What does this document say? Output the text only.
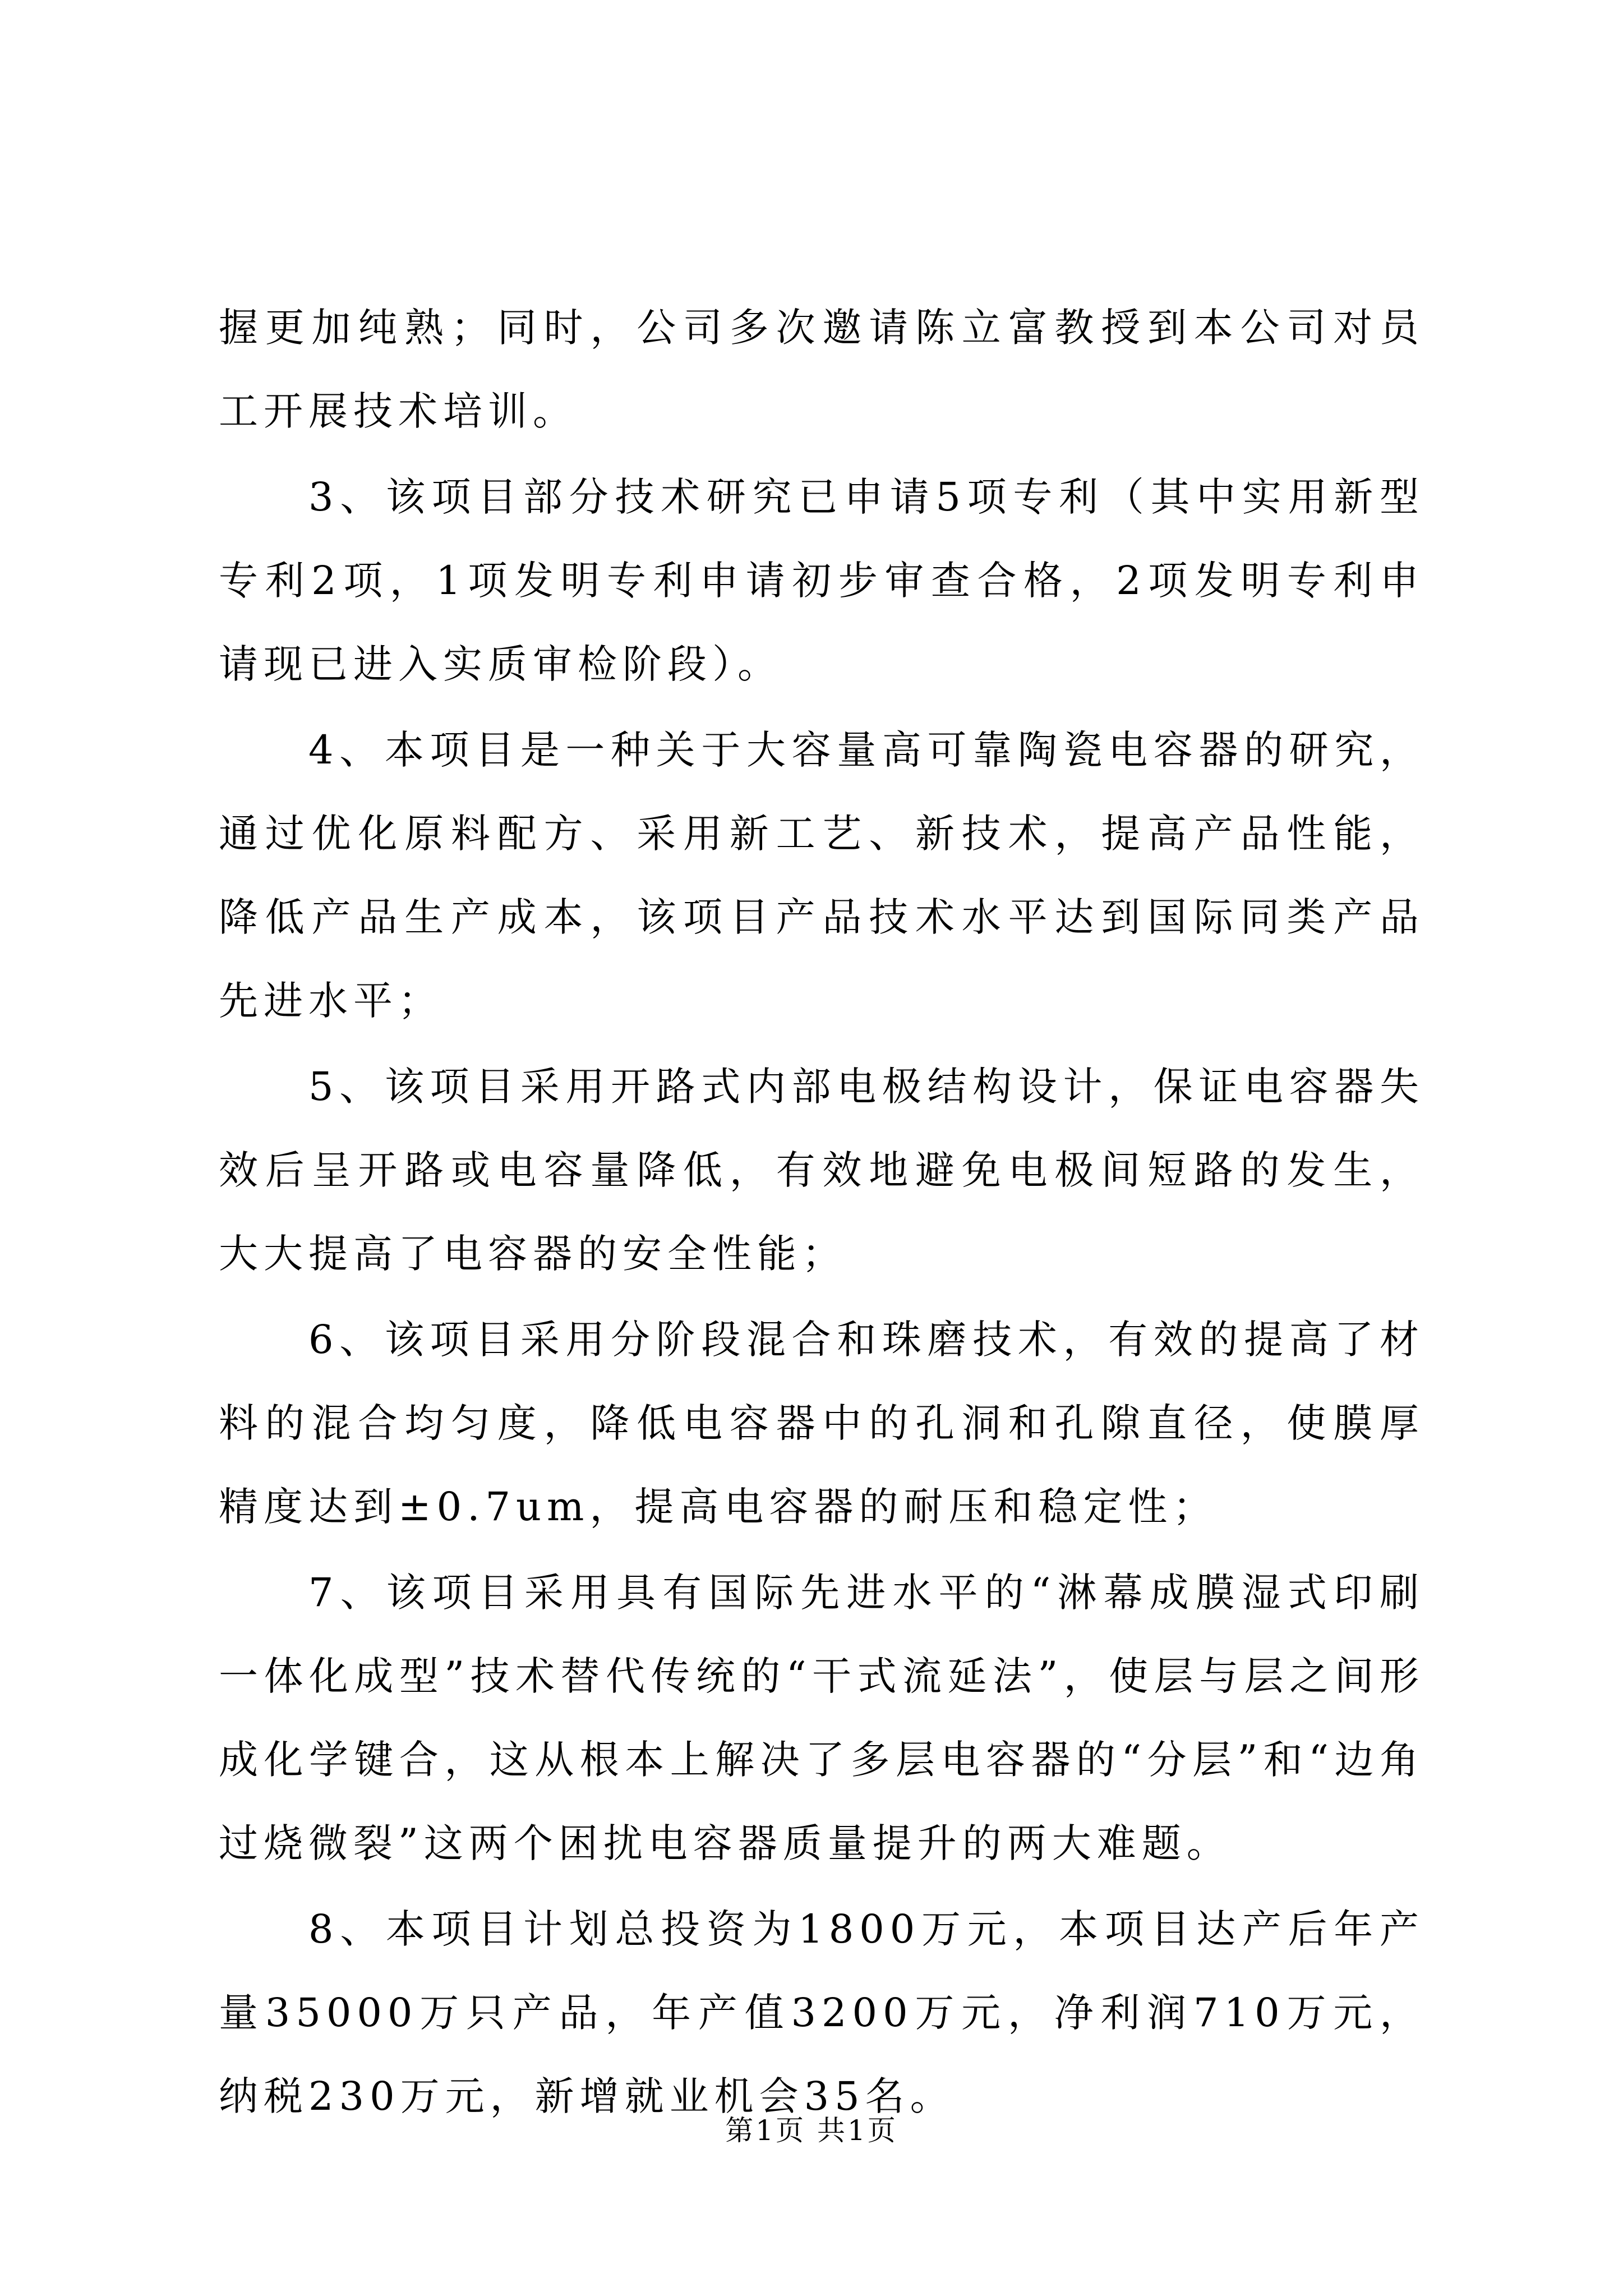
握更加纯熟；同时，公司多次邀请陈立富教授到本公司对员工开展技术培训。

3、该项目部分技术研究已申请5项专利（其中实用新型专利2项，1项发明专利申请初步审查合格，2项发明专利申请现已进入实质审检阶段）。

4、本项目是一种关于大容量高可靠陶瓷电容器的研究，通过优化原料配方、采用新工艺、新技术，提高产品性能，降低产品生产成本，该项目产品技术水平达到国际同类产品先进水平；

5、该项目采用开路式内部电极结构设计，保证电容器失效后呈开路或电容量降低，有效地避免电极间短路的发生，大大提高了电容器的安全性能；

6、该项目采用分阶段混合和珠磨技术，有效的提高了材料的混合均匀度，降低电容器中的孔洞和孔隙直径，使膜厚精度达到±0.7um，提高电容器的耐压和稳定性；

7、该项目采用具有国际先进水平的“淋幕成膜湿式印刷一体化成型”技术替代传统的“干式流延法”，使层与层之间形成化学键合，这从根本上解决了多层电容器的“分层”和“边角过烧微裂”这两个困扰电容器质量提升的两大难题。

8、本项目计划总投资为1800万元，本项目达产后年产量35000万只产品，年产值3200万元，净利润710万元，纳税230万元，新增就业机会35名。

第1页 共1页
